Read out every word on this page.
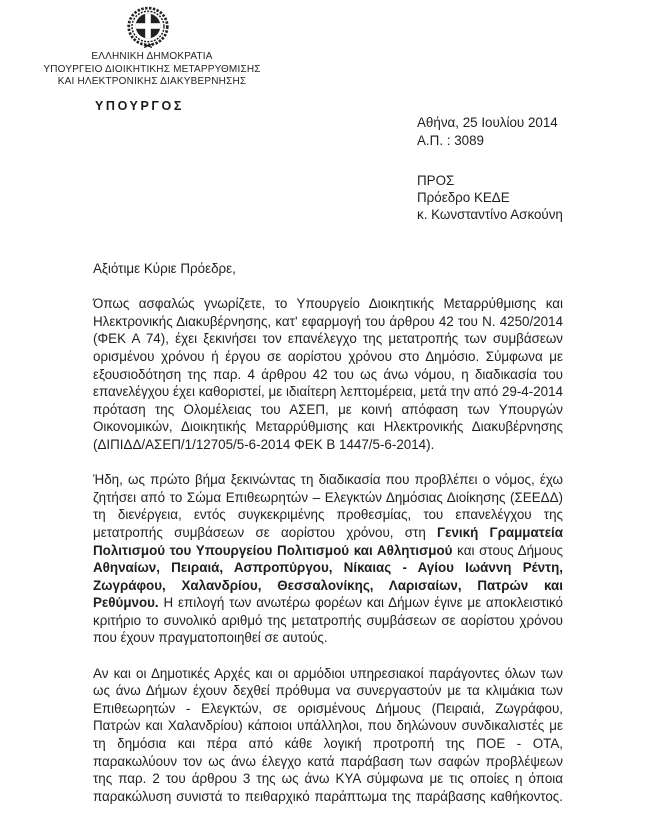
ΕΛΛΗΝΙΚΗ ΔΗΜΟΚΡΑΤΙΑ
ΥΠΟΥΡΓΕΙΟ ΔΙΟΙΚΗΤΙΚΗΣ ΜΕΤΑΡΡΥΘΜΙΣΗΣ
ΚΑΙ ΗΛΕΚΤΡΟΝΙΚΗΣ ΔΙΑΚΥΒΕΡΝΗΣΗΣ
ΥΠΟΥΡΓΟΣ
Αθήνα, 25 Ιουλίου 2014
Α.Π. : 3089
ΠΡΟΣ
Πρόεδρο ΚΕΔΕ
κ. Κωνσταντίνο Ασκούνη
Αξιότιμε Κύριε Πρόεδρε,
Όπως ασφαλώς γνωρίζετε, το Υπουργείο Διοικητικής Μεταρρύθμισης και
Ηλεκτρονικής Διακυβέρνησης, κατ' εφαρμογή του άρθρου 42 του Ν. 4250/2014
(ΦΕΚ Α 74), έχει ξεκινήσει τον επανέλεγχο της μετατροπής των συμβάσεων
ορισμένου χρόνου ή έργου σε αορίστου χρόνου στο Δημόσιο. Σύμφωνα με
εξουσιοδότηση της παρ. 4 άρθρου 42 του ως άνω νόμου, η διαδικασία του
επανελέγχου έχει καθοριστεί, με ιδιαίτερη λεπτομέρεια, μετά την από 29-4-2014
πρόταση της Ολομέλειας του ΑΣΕΠ, με κοινή απόφαση των Υπουργών
Οικονομικών, Διοικητικής Μεταρρύθμισης και Ηλεκτρονικής Διακυβέρνησης
(ΔΙΠΙΔΔ/ΑΣΕΠ/1/12705/5-6-2014 ΦΕΚ Β 1447/5-6-2014).
Ήδη, ως πρώτο βήμα ξεκινώντας τη διαδικασία που προβλέπει ο νόμος, έχω
ζητήσει από το Σώμα Επιθεωρητών – Ελεγκτών Δημόσιας Διοίκησης (ΣΕΕΔΔ)
τη διενέργεια, εντός συγκεκριμένης προθεσμίας, του επανελέγχου της
μετατροπής συμβάσεων σε αορίστου χρόνου, στη Γενική Γραμματεία
Πολιτισμού του Υπουργείου Πολιτισμού και Αθλητισμού και στους Δήμους
Αθηναίων, Πειραιά, Ασπροπύργου, Νίκαιας - Αγίου Ιωάννη Ρέντη,
Ζωγράφου, Χαλανδρίου, Θεσσαλονίκης, Λαρισαίων, Πατρών και
Ρεθύμνου. Η επιλογή των ανωτέρω φορέων και Δήμων έγινε με αποκλειστικό
κριτήριο το συνολικό αριθμό της μετατροπής συμβάσεων σε αορίστου χρόνου
που έχουν πραγματοποιηθεί σε αυτούς.
Αν και οι Δημοτικές Αρχές και οι αρμόδιοι υπηρεσιακοί παράγοντες όλων των
ως άνω Δήμων έχουν δεχθεί πρόθυμα να συνεργαστούν με τα κλιμάκια των
Επιθεωρητών - Ελεγκτών, σε ορισμένους Δήμους (Πειραιά, Ζωγράφου,
Πατρών και Χαλανδρίου) κάποιοι υπάλληλοι, που δηλώνουν συνδικαλιστές με
τη δημόσια και πέρα από κάθε λογική προτροπή της ΠΟΕ - ΟΤΑ,
παρακωλύουν τον ως άνω έλεγχο κατά παράβαση των σαφών προβλέψεων
της παρ. 2 του άρθρου 3 της ως άνω ΚΥΑ σύμφωνα με τις οποίες η όποια
παρακώλυση συνιστά το πειθαρχικό παράπτωμα της παράβασης καθήκοντος.
